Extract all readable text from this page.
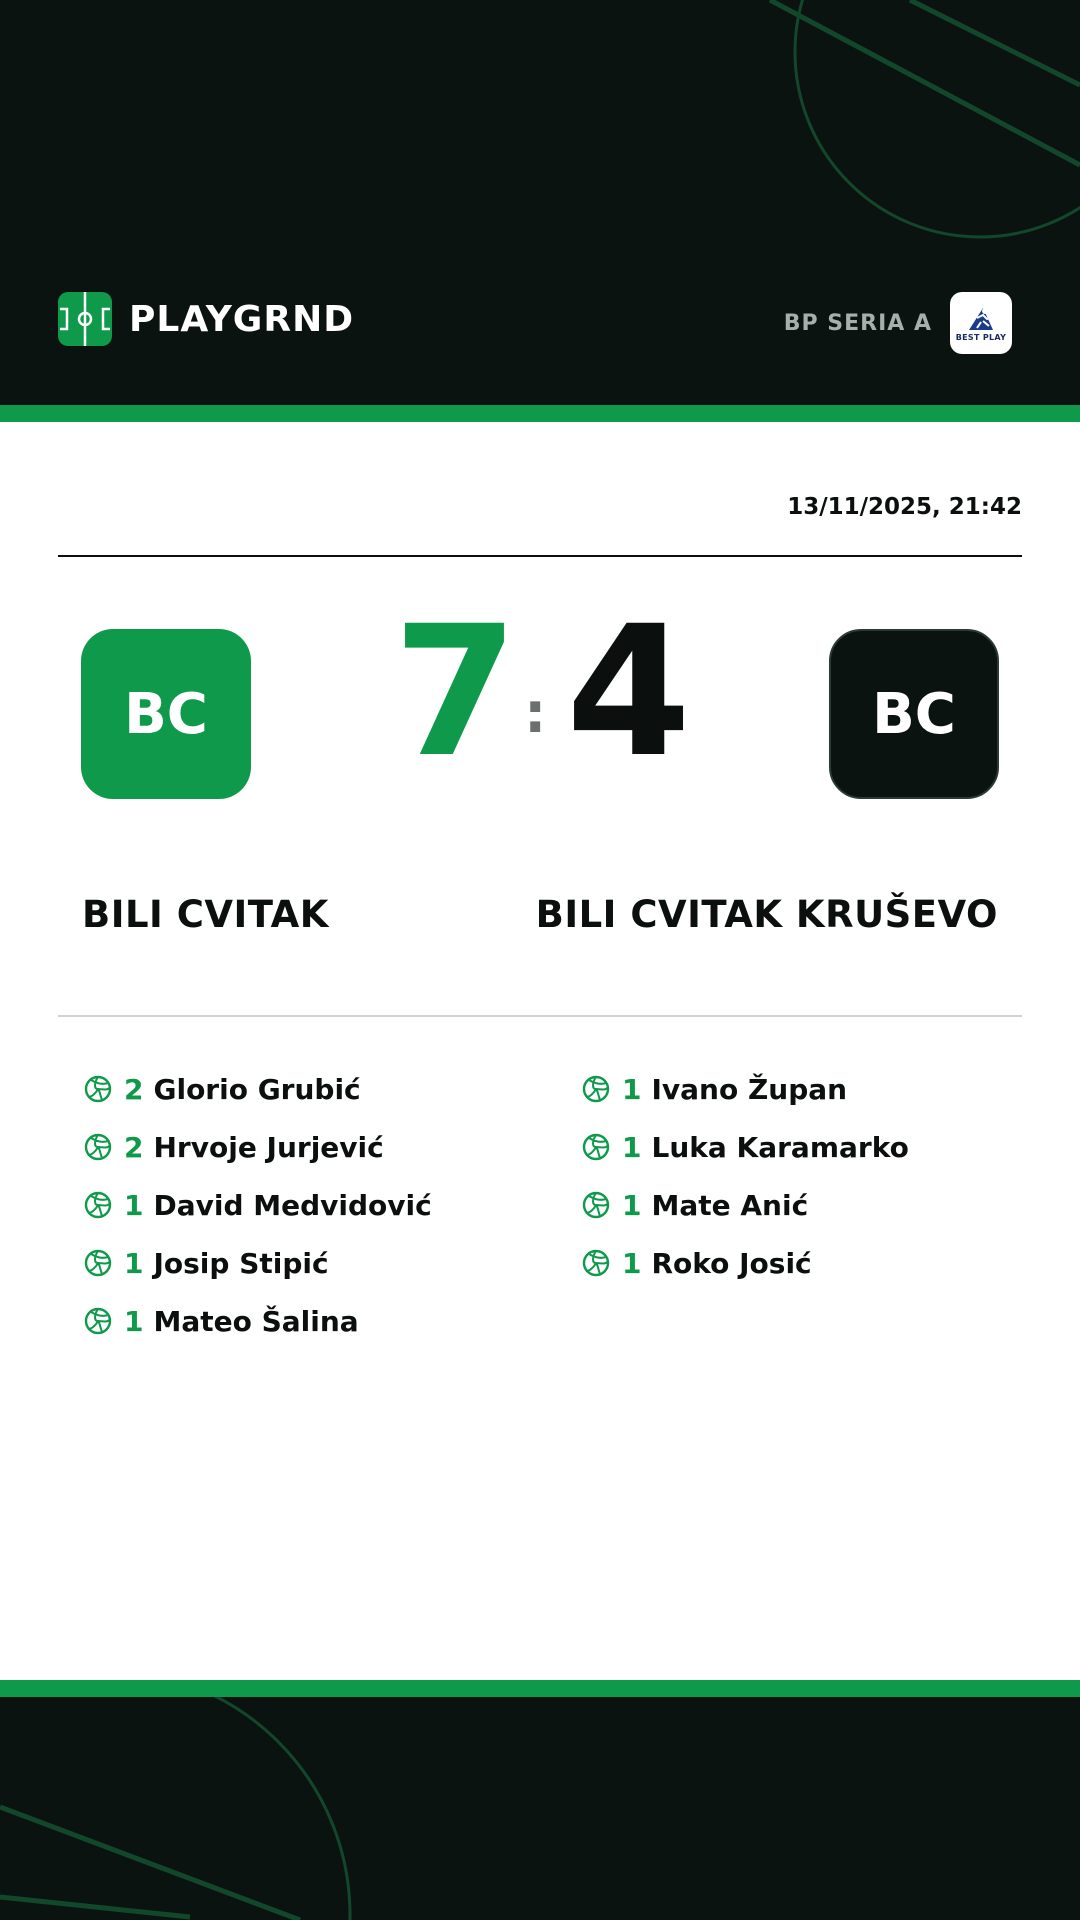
PLAYGRND	BP SERIA A
BEST PLAY
13/11/2025, 21:42
BC 7 : 4	BC
BILI CVITAK	BILI CVITAK KRUŠEVO
2 Glorio Grubić
2 Hrvoje Jurjević
1 David Medvidović
1 Josip Stipić
1 Mateo Šalina
1 Ivano Župan
1 Luka Karamarko
1 Mate Anić
1 Roko Josić
